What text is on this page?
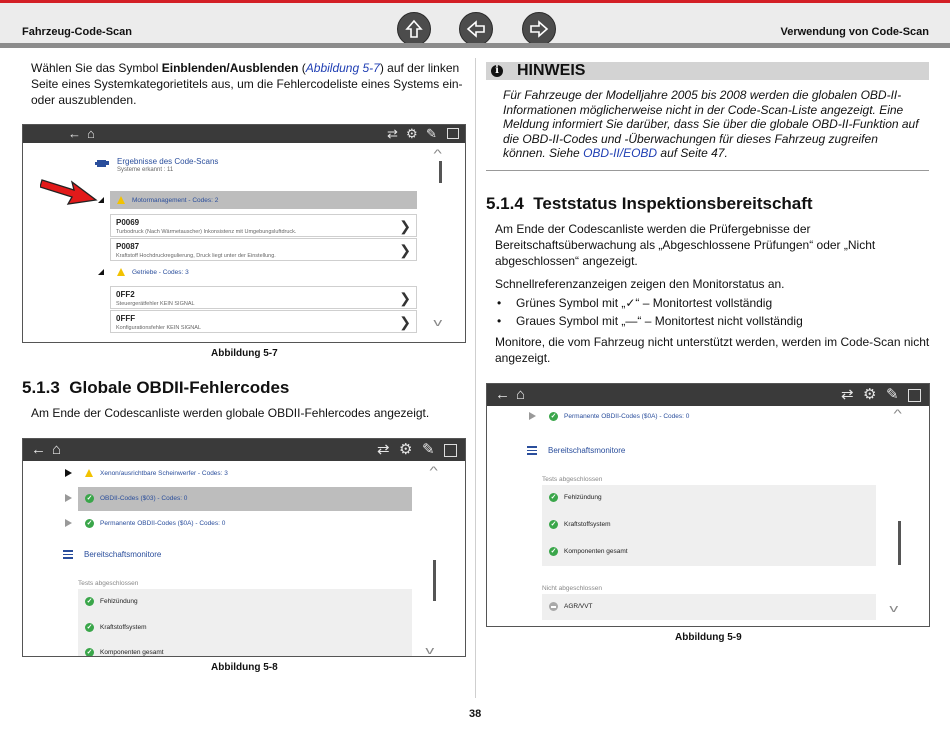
Fahrzeug-Code-Scan	Verwendung von Code-Scan

Wählen Sie das Symbol Einblenden/Ausblenden (Abbildung 5-7) auf der linken Seite eines Systemkategorietitels aus, um die Fehlercodeliste eines Systems ein- oder auszublenden.

← ⌂	⇄ ⚙ ✎
Ergebnisse des Code-Scans
Systeme erkannt : 11
^
v
Motormanagement - Codes: 2
P0069
Turbodruck (Nach Wärmetauscher) Inkonsistenz mit Umgebungsluftdruck.	❯
P0087
Kraftstoff Hochdruckregulierung, Druck liegt unter der Einstellung.	❯
Getriebe - Codes: 3
0FF2
Steuergerätfehler KEIN SIGNAL	❯
0FFF
Konfigurationsfehler KEIN SIGNAL	❯
Abbildung 5-7
5.1.3 Globale OBDII-Fehlercodes

Am Ende der Codescanliste werden globale OBDII-Fehlercodes angezeigt.

← ⌂	⇄ ⚙ ✎
Xenon/ausrichtbare Scheinwerfer - Codes: 3	^
✓ OBDII-Codes ($03) - Codes: 0
✓ Permanente OBDII-Codes ($0A) - Codes: 0
Bereitschaftsmonitore
Tests abgeschlossen
✓ Fehlzündung
✓ Kraftstoffsystem
✓ Komponenten gesamt	v
Abbildung 5-8
i HINWEIS
Für Fahrzeuge der Modelljahre 2005 bis 2008 werden die globalen OBD-II-Informationen möglicherweise nicht in der Code-Scan-Liste angezeigt. Eine Meldung informiert Sie darüber, dass Sie über die globale OBD-II-Funktion auf die OBD-II-Codes und -Überwachungen für dieses Fahrzeug zugreifen können. Siehe OBD-II/EOBD auf Seite 47.
5.1.4 Teststatus Inspektionsbereitschaft

Am Ende der Codescanliste werden die Prüfergebnisse der Bereitschaftsüberwachung als „Abgeschlossene Prüfungen“ oder „Nicht abgeschlossen“ angezeigt.

Schnellreferenzanzeigen zeigen den Monitorstatus an.

• Grünes Symbol mit „✓“ – Monitortest vollständig
• Graues Symbol mit „—“ – Monitortest nicht vollständig

Monitore, die vom Fahrzeug nicht unterstützt werden, werden im Code-Scan nicht angezeigt.

← ⌂	⇄ ⚙ ✎
✓ Permanente OBDII-Codes ($0A) - Codes: 0	^
Bereitschaftsmonitore
Tests abgeschlossen
✓ Fehlzündung
✓ Kraftstoffsystem
✓ Komponenten gesamt
Nicht abgeschlossen
AGR/VVT	v
Abbildung 5-9
38
